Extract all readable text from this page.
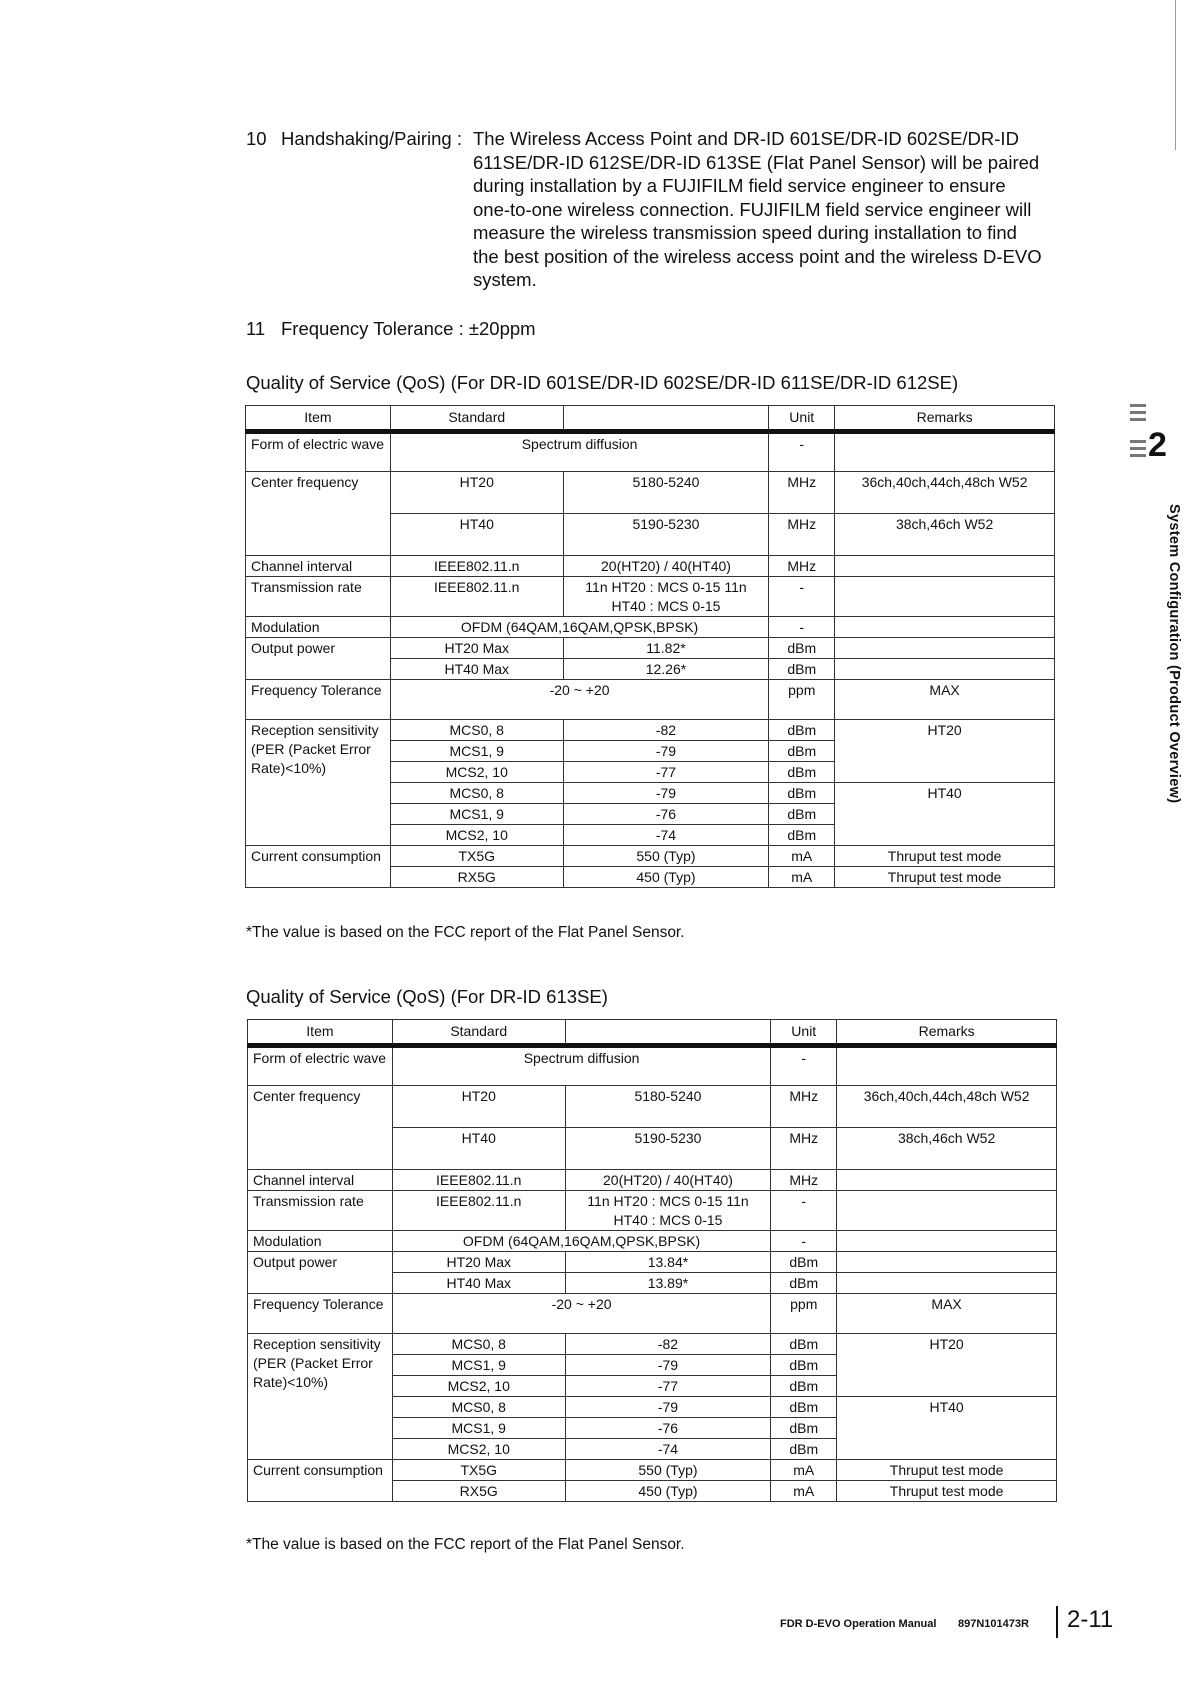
10 Handshaking/Pairing : The Wireless Access Point and DR-ID 601SE/DR-ID 602SE/DR-ID 611SE/DR-ID 612SE/DR-ID 613SE (Flat Panel Sensor) will be paired during installation by a FUJIFILM field service engineer to ensure one-to-one wireless connection. FUJIFILM field service engineer will measure the wireless transmission speed during installation to find the best position of the wireless access point and the wireless D-EVO system.
11 Frequency Tolerance : ±20ppm
Quality of Service (QoS) (For DR-ID 601SE/DR-ID 602SE/DR-ID 611SE/DR-ID 612SE)
Item	Standard		Unit	Remarks
Form of electric wave	Spectrum diffusion		-	
Center frequency	HT20	5180-5240	MHz	36ch,40ch,44ch,48ch W52
	HT40	5190-5230	MHz	38ch,46ch W52
Channel interval	IEEE802.11.n	20(HT20) / 40(HT40)	MHz	
Transmission rate	IEEE802.11.n	11n HT20 : MCS 0-15 11n HT40 : MCS 0-15	-	
Modulation	OFDM (64QAM,16QAM,QPSK,BPSK)		-	
Output power	HT20 Max	11.82*	dBm	
	HT40 Max	12.26*	dBm	
Frequency Tolerance	-20 ~ +20		ppm	MAX
Reception sensitivity (PER (Packet Error Rate)<10%)	MCS0, 8	-82	dBm	HT20
	MCS1, 9	-79	dBm	
	MCS2, 10	-77	dBm	
	MCS0, 8	-79	dBm	HT40
	MCS1, 9	-76	dBm	
	MCS2, 10	-74	dBm	
Current consumption	TX5G	550 (Typ)	mA	Thruput test mode
	RX5G	450 (Typ)	mA	Thruput test mode
*The value is based on the FCC report of the Flat Panel Sensor.
Quality of Service (QoS) (For DR-ID 613SE)
Item	Standard		Unit	Remarks
Form of electric wave	Spectrum diffusion		-	
Center frequency	HT20	5180-5240	MHz	36ch,40ch,44ch,48ch W52
	HT40	5190-5230	MHz	38ch,46ch W52
Channel interval	IEEE802.11.n	20(HT20) / 40(HT40)	MHz	
Transmission rate	IEEE802.11.n	11n HT20 : MCS 0-15 11n HT40 : MCS 0-15	-	
Modulation	OFDM (64QAM,16QAM,QPSK,BPSK)		-	
Output power	HT20 Max	13.84*	dBm	
	HT40 Max	13.89*	dBm	
Frequency Tolerance	-20 ~ +20		ppm	MAX
Reception sensitivity (PER (Packet Error Rate)<10%)	MCS0, 8	-82	dBm	HT20
	MCS1, 9	-79	dBm	
	MCS2, 10	-77	dBm	
	MCS0, 8	-79	dBm	HT40
	MCS1, 9	-76	dBm	
	MCS2, 10	-74	dBm	
Current consumption	TX5G	550 (Typ)	mA	Thruput test mode
	RX5G	450 (Typ)	mA	Thruput test mode
*The value is based on the FCC report of the Flat Panel Sensor.
2
System Configuration (Product Overview)
FDR D-EVO Operation Manual 897N101473R 2-11
